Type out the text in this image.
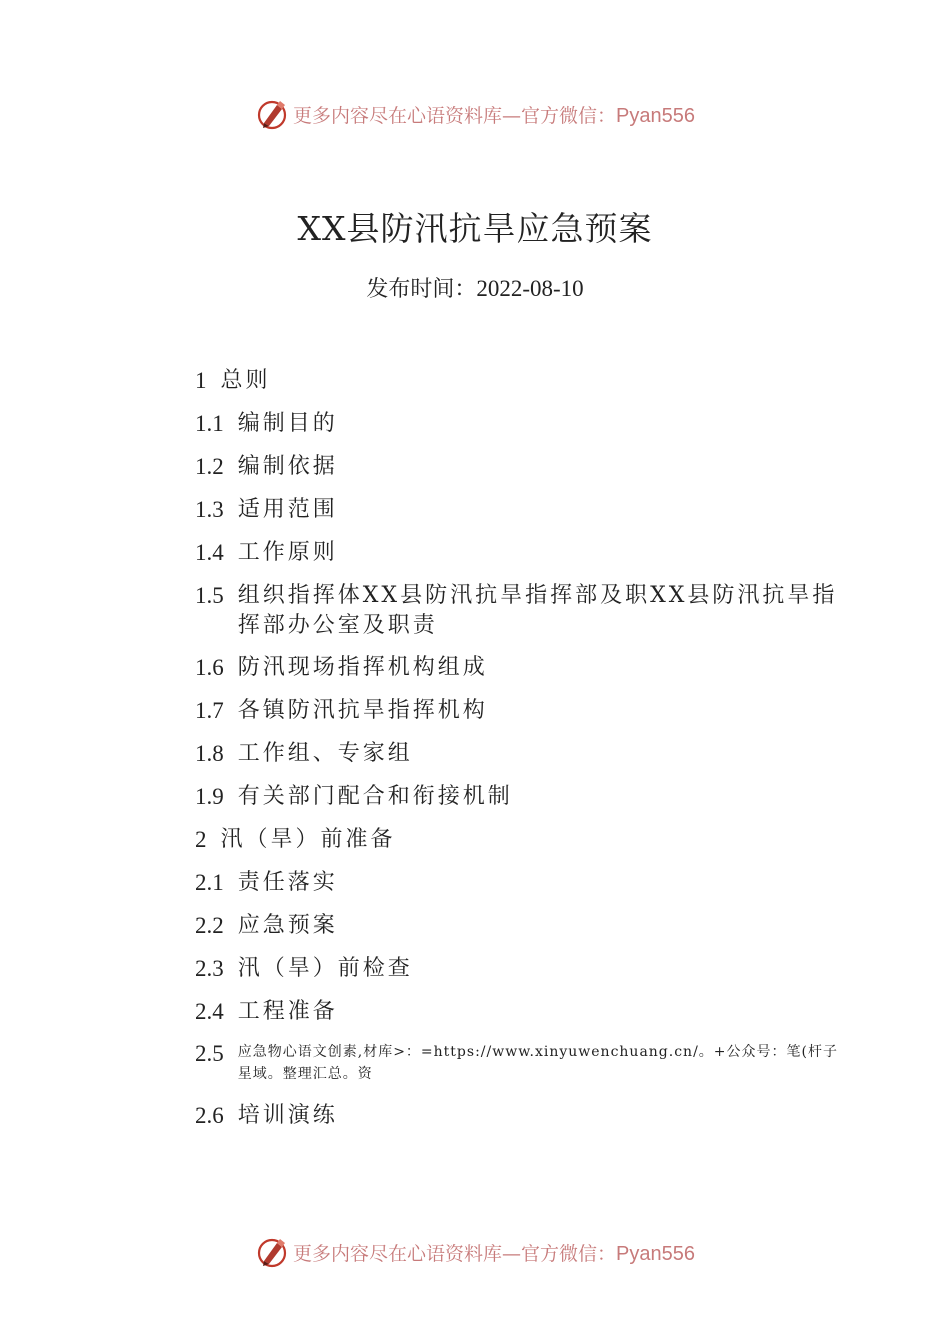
更多内容尽在心语资料库—官方微信：Pyan556
XX县防汛抗旱应急预案
发布时间：2022-08-10
1 总则
1.1 编制目的
1.2 编制依据
1.3 适用范围
1.4 工作原则
1.5 组织指挥体XX县防汛抗旱指挥部及职XX县防汛抗旱指挥部办公室及职责
1.6 防汛现场指挥机构组成
1.7 各镇防汛抗旱指挥机构
1.8 工作组、专家组
1.9 有关部门配合和衔接机制
2 汛（旱）前准备
2.1 责任落实
2.2 应急预案
2.3 汛（旱）前检查
2.4 工程准备
2.5 应急物心语文创素,材库>：=https://www.xinyuwenchuang.cn/。+公众号：笔(杆子星域。整理汇总。资
2.6 培训演练
更多内容尽在心语资料库—官方微信：Pyan556
